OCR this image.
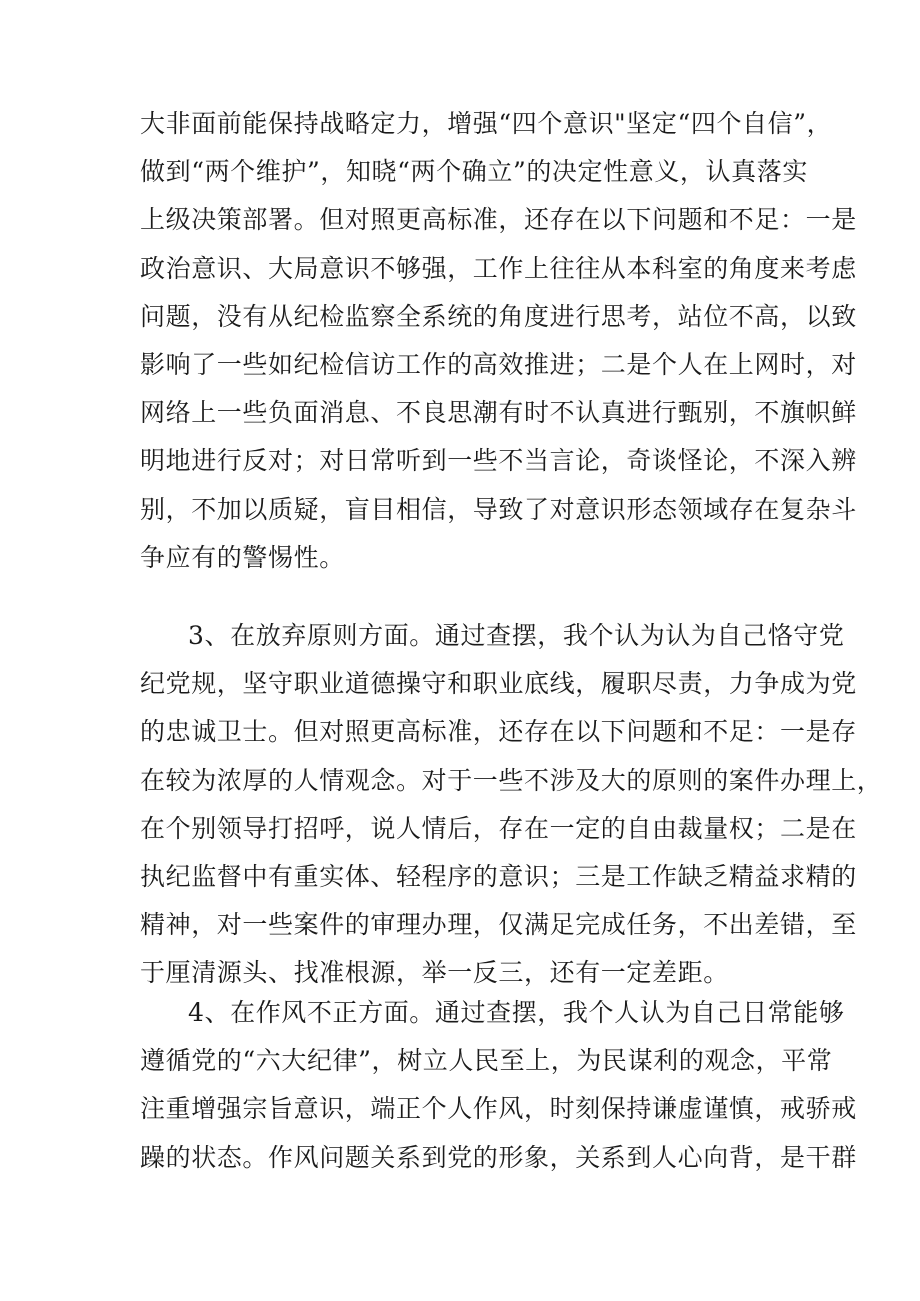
大非面前能保持战略定力，增强“四个意识"坚定“四个自信”，
做到“两个维护”，知晓“两个确立”的决定性意义，认真落实
上级决策部署。但对照更高标准，还存在以下问题和不足：一是
政治意识、大局意识不够强，工作上往往从本科室的角度来考虑
问题，没有从纪检监察全系统的角度进行思考，站位不高，以致
影响了一些如纪检信访工作的高效推进；二是个人在上网时，对
网络上一些负面消息、不良思潮有时不认真进行甄别，不旗帜鲜
明地进行反对；对日常听到一些不当言论，奇谈怪论，不深入辨
别，不加以质疑，盲目相信，导致了对意识形态领域存在复杂斗
争应有的警惕性。
3、在放弃原则方面。通过查摆，我个认为认为自己恪守党
纪党规，坚守职业道德操守和职业底线，履职尽责，力争成为党
的忠诚卫士。但对照更高标准，还存在以下问题和不足：一是存
在较为浓厚的人情观念。对于一些不涉及大的原则的案件办理上，
在个别领导打招呼，说人情后，存在一定的自由裁量权；二是在
执纪监督中有重实体、轻程序的意识；三是工作缺乏精益求精的
精神，对一些案件的审理办理，仅满足完成任务，不出差错，至
于厘清源头、找准根源，举一反三，还有一定差距。
4、在作风不正方面。通过查摆，我个人认为自己日常能够
遵循党的“六大纪律”，树立人民至上，为民谋利的观念，平常
注重增强宗旨意识，端正个人作风，时刻保持谦虚谨慎，戒骄戒
躁的状态。作风问题关系到党的形象，关系到人心向背，是干群
